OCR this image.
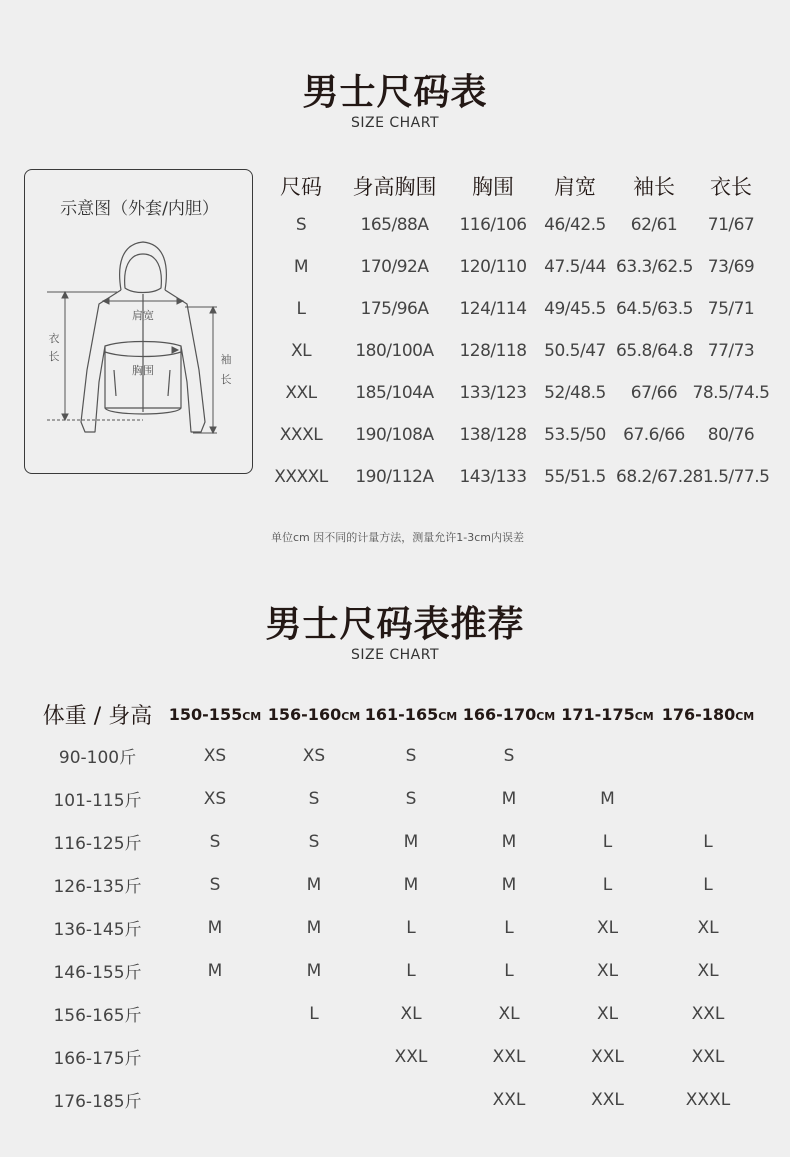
男士尺码表
SIZE CHART
示意图（外套/内胆）
肩宽
胸围
衣
长	袖
长
尺码	身高胸围	胸围	肩宽	袖长	衣长
S	165/88A	116/106	46/42.5	62/61	71/67
M	170/92A	120/110	47.5/44	63.3/62.5	73/69
L	175/96A	124/114	49/45.5	64.5/63.5	75/71
XL	180/100A	128/118	50.5/47	65.8/64.8	77/73
XXL	185/104A	133/123	52/48.5	67/66	78.5/74.5
XXXL	190/108A	138/128	53.5/50	67.6/66	80/76
XXXXL	190/112A	143/133	55/51.5	68.2/67.2	81.5/77.5
单位cm 因不同的计量方法，测量允许1-3cm内误差
男士尺码表推荐
SIZE CHART
体重 / 身高	150-155CM	156-160CM	161-165CM	166-170CM	171-175CM	176-180CM
90-100斤	XS	XS	S	S		
101-115斤	XS	S	S	M	M	
116-125斤	S	S	M	M	L	L
126-135斤	S	M	M	M	L	L
136-145斤	M	M	L	L	XL	XL
146-155斤	M	M	L	L	XL	XL
156-165斤		L	XL	XL	XL	XXL
166-175斤			XXL	XXL	XXL	XXL
176-185斤				XXL	XXL	XXXL
